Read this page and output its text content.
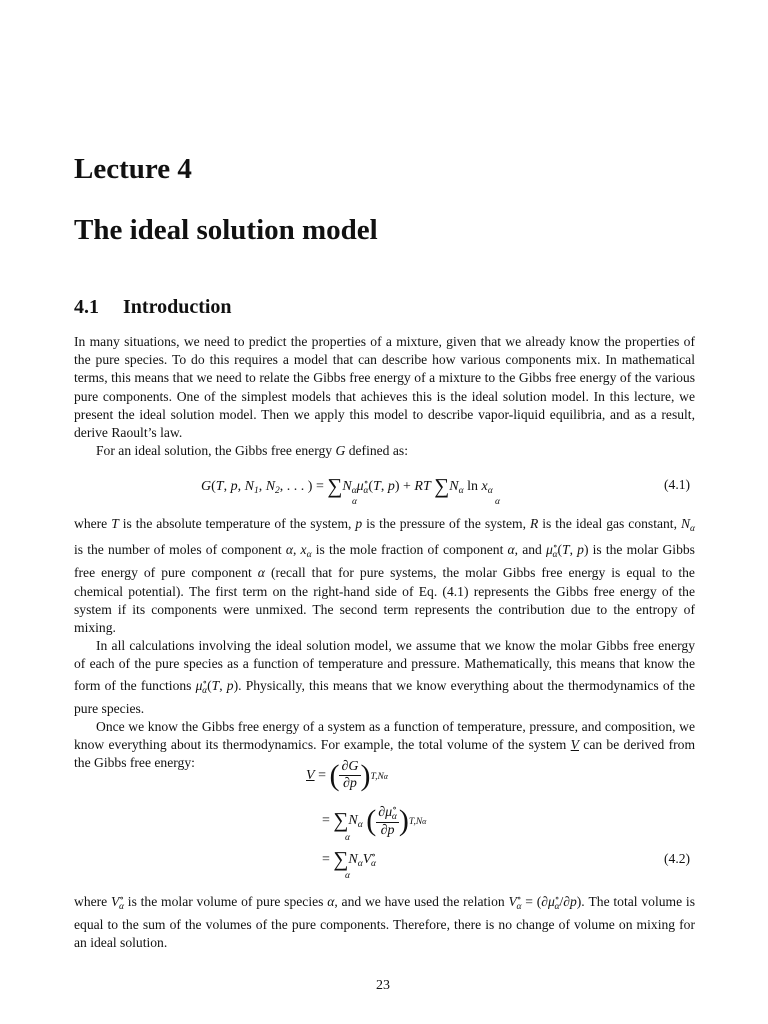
Lecture 4
The ideal solution model
4.1 Introduction

In many situations, we need to predict the properties of a mixture, given that we already know the properties of the pure species. To do this requires a model that can describe how various components mix. In mathematical terms, this means that we need to relate the Gibbs free energy of a mixture to the Gibbs free energy of the various pure components. One of the simplest models that achieves this is the ideal solution model. In this lecture, we present the ideal solution model. Then we apply this model to describe vapor-liquid equilibria, and as a result, derive Raoult’s law.

For an ideal solution, the Gibbs free energy G defined as:

G(T, p, $N_1$, $N_2$, . . . ) = $\sum N_\alpha\mu^\circ_\alpha(T$, p) + RT $\sum N_\alpha$ $\ln x_\alpha$
α	α
(4.1)

where T is the absolute temperature of the system, p is the pressure of the system, R is the ideal gas constant, $N_\alpha$ is the number of moles of component α, $x_\alpha$ is the mole fraction of component α, and $\mu^\circ_\alpha(T$, p) is the molar Gibbs free energy of pure component α (recall that for pure systems, the molar Gibbs free energy is equal to the chemical potential). The first term on the right-hand side of Eq. (4.1) represents the Gibbs free energy of the system if its components were unmixed. The second term represents the contribution due to the entropy of mixing.

In all calculations involving the ideal solution model, we assume that we know the molar Gibbs free energy of each of the pure species as a function of temperature and pressure. Mathematically, this means that know the form of the functions $\mu^\circ_\alpha(T$, p). Physically, this means that we know everything about the thermodynamics of the pure species.

Once we know the Gibbs free energy of a system as a function of temperature, pressure, and composition, we know everything about its thermodynamics. For example, the total volume of the system V can be derived from the Gibbs free energy:

V = ( $\frac{\partial G}{\partial p} )T,N\alpha$
= $\sum N_\alpha$ ( $\frac{\partial\mu^\circ_\alpha}{\partial p} )T,N\alpha$
α
= $\sum N_\alpha V^\circ_\alpha$
α
(4.2)

where $V^\circ_\alpha$ is the molar volume of pure species α, and we have used the relation $V^\circ_\alpha = (\partial\mu^\circ_\alpha/\partial p)$. The total volume is equal to the sum of the volumes of the pure components. Therefore, there is no change of volume on mixing for an ideal solution.

23
